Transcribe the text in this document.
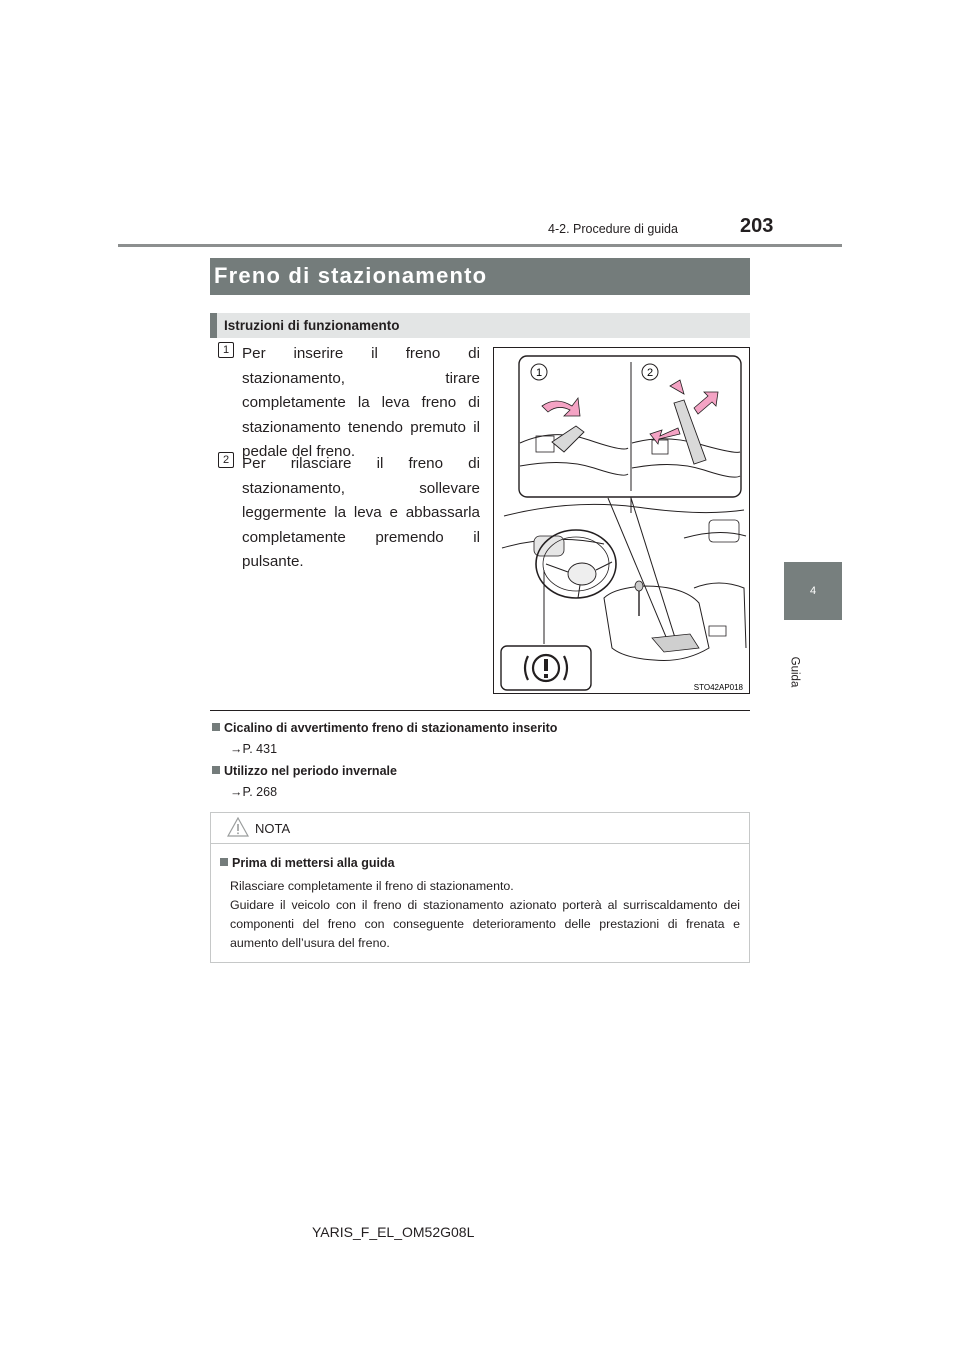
4-2. Procedure di guida	203
4
Guida
Freno di stazionamento
Istruzioni di funzionamento
1 Per inserire il freno di stazionamento, tirare completamente la leva freno di stazionamento tenendo premuto il pedale del freno.
2 Per rilasciare il freno di stazionamento, sollevare leggermente la leva e abbassarla completamente premendo il pulsante.
1	2
STO42AP018
Cicalino di avvertimento freno di stazionamento inserito
→P. 431
Utilizzo nel periodo invernale
→P. 268
NOTA
Prima di mettersi alla guida
Rilasciare completamente il freno di stazionamento.
Guidare il veicolo con il freno di stazionamento azionato porterà al surriscaldamento dei componenti del freno con conseguente deterioramento delle prestazioni di frenata e aumento dell’usura del freno.
YARIS_F_EL_OM52G08L
